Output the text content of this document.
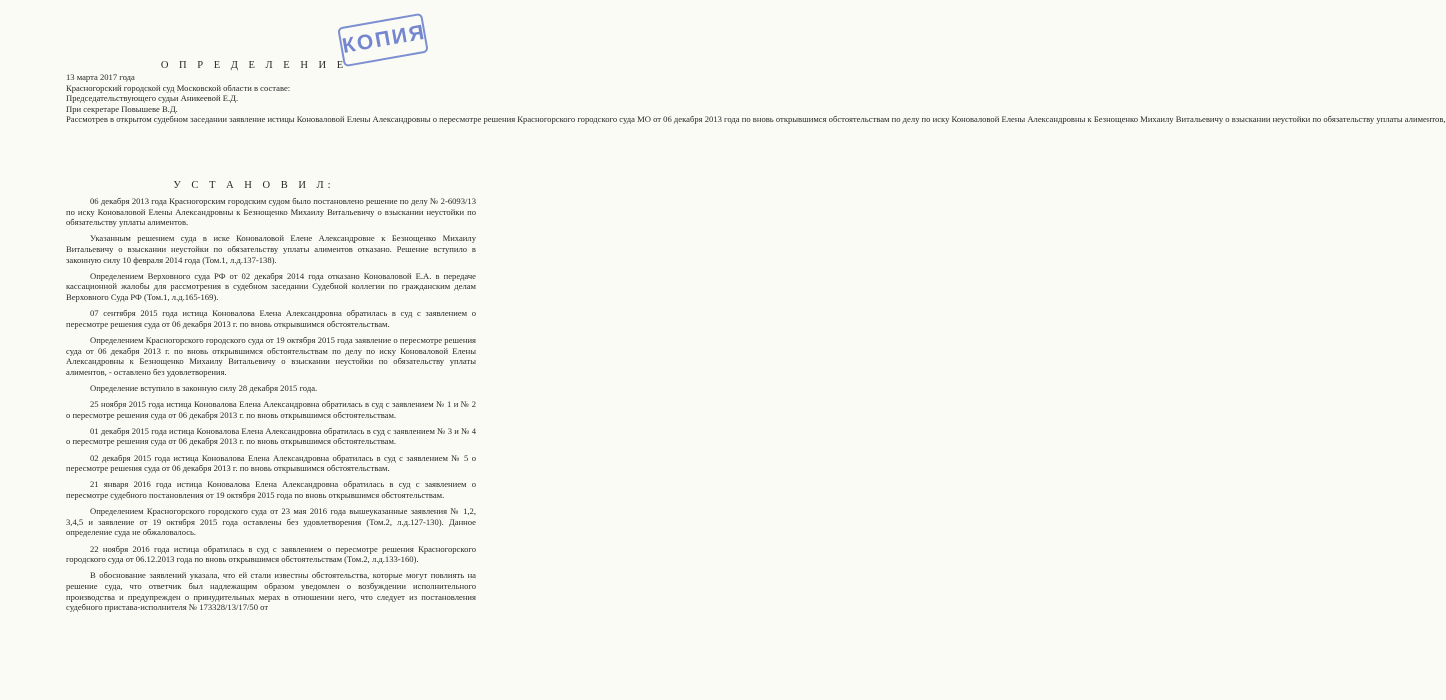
КОПИЯ
О П Р Е Д Е Л Е Н И Е
13 марта 2017 года
Красногорский городской суд Московской области в составе:
Председательствующего судьи Аникеевой Е.Д.
При секретаре Повышеве В.Д.
Рассмотрев в открытом судебном заседании заявление истицы Коноваловой Елены Александровны о пересмотре решения Красногорского городского суда МО от 06 декабря 2013 года по вновь открывшимся обстоятельствам по делу по иску Коноваловой Елены Александровны к Безнощенко Михаилу Витальевичу о взыскании неустойки по обязательству уплаты алиментов,
У С Т А Н О В И Л:

06 декабря 2013 года Красногорским городским судом было постановлено решение по делу № 2-6093/13 по иску Коноваловой Елены Александровны к Безнощенко Михаилу Витальевичу о взыскании неустойки по обязательству уплаты алиментов.

Указанным решением суда в иске Коноваловой Елене Александровне к Безнощенко Михаилу Витальевичу о взыскании неустойки по обязательству уплаты алиментов отказано. Решение вступило в законную силу 10 февраля 2014 года (Том.1, л.д.137-138).

Определением Верховного суда РФ от 02 декабря 2014 года отказано Коноваловой Е.А. в передаче кассационной жалобы для рассмотрения в судебном заседании Судебной коллегии по гражданским делам Верховного Суда РФ (Том.1, л.д.165-169).

07 сентября 2015 года истица Коновалова Елена Александровна обратилась в суд с заявлением о пересмотре решения суда от 06 декабря 2013 г. по вновь открывшимся обстоятельствам.

Определением Красногорского городского суда от 19 октября 2015 года заявление о пересмотре решения суда от 06 декабря 2013 г. по вновь открывшимся обстоятельствам по делу по иску Коноваловой Елены Александровны к Безнощенко Михаилу Витальевичу о взыскании неустойки по обязательству уплаты алиментов, - оставлено без удовлетворения.

Определение вступило в законную силу 28 декабря 2015 года.

25 ноября 2015 года истица Коновалова Елена Александровна обратилась в суд с заявлением № 1 и № 2 о пересмотре решения суда от 06 декабря 2013 г. по вновь открывшимся обстоятельствам.

01 декабря 2015 года истица Коновалова Елена Александровна обратилась в суд с заявлением № 3 и № 4 о пересмотре решения суда от 06 декабря 2013 г. по вновь открывшимся обстоятельствам.

02 декабря 2015 года истица Коновалова Елена Александровна обратилась в суд с заявлением № 5 о пересмотре решения суда от 06 декабря 2013 г. по вновь открывшимся обстоятельствам.

21 января 2016 года истица Коновалова Елена Александровна обратилась в суд с заявлением о пересмотре судебного постановления от 19 октября 2015 года по вновь открывшимся обстоятельствам.

Определением Красногорского городского суда от 23 мая 2016 года вышеуказанные заявления № 1,2, 3,4,5 и заявление от 19 октября 2015 года оставлены без удовлетворения (Том.2, л.д.127-130). Данное определение суда не обжаловалось.

22 ноября 2016 года истица обратилась в суд с заявлением о пересмотре решения Красногорского городского суда от 06.12.2013 года по вновь открывшимся обстоятельствам (Том.2, л.д.133-160).

В обоснование заявлений указала, что ей стали известны обстоятельства, которые могут повлиять на решение суда, что ответчик был надлежащим образом уведомлен о возбуждении исполнительного производства и предупрежден о принудительных мерах в отношении него, что следует из постановления судебного пристава-исполнителя № 173328/13/17/50 от
